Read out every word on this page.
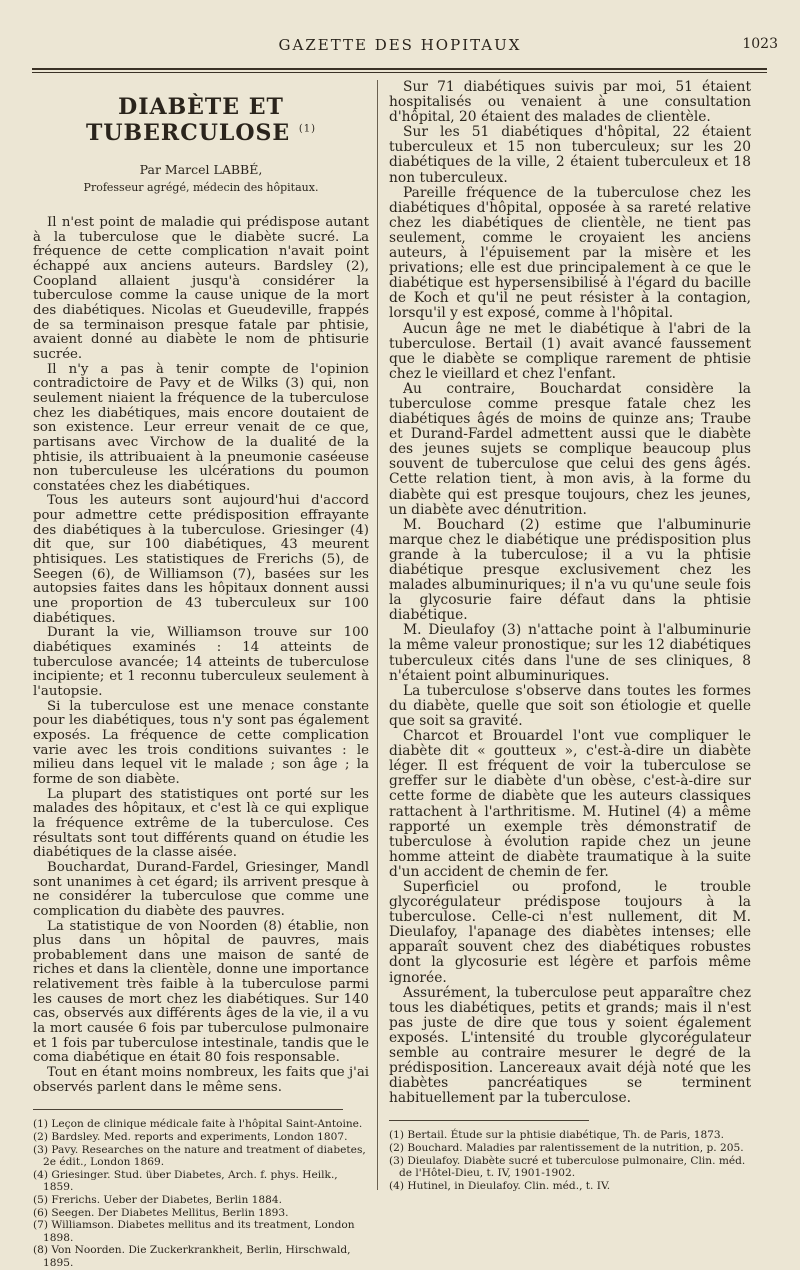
GAZETTE DES HOPITAUX	1023
DIABÈTE ET TUBERCULOSE $^{(1)}$
Par Marcel LABBÉ,
Professeur agrégé, médecin des hôpitaux.

Il n'est point de maladie qui prédispose autant à la tuberculose que le diabète sucré. La fréquence de cette complication n'avait point échappé aux anciens auteurs. Bardsley (2), Coopland allaient jusqu'à considérer la tuberculose comme la cause unique de la mort des diabétiques. Nicolas et Gueudeville, frappés de sa terminaison presque fatale par phtisie, avaient donné au diabète le nom de phtisurie sucrée.

Il n'y a pas à tenir compte de l'opinion contradictoire de Pavy et de Wilks (3) qui, non seulement niaient la fréquence de la tuberculose chez les diabétiques, mais encore doutaient de son existence. Leur erreur venait de ce que, partisans avec Virchow de la dualité de la phtisie, ils attribuaient à la pneumonie caséeuse non tuberculeuse les ulcérations du poumon constatées chez les diabétiques.

Tous les auteurs sont aujourd'hui d'accord pour admettre cette prédisposition effrayante des diabétiques à la tuberculose. Griesinger (4) dit que, sur 100 diabétiques, 43 meurent phtisiques. Les statistiques de Frerichs (5), de Seegen (6), de Williamson (7), basées sur les autopsies faites dans les hôpitaux donnent aussi une proportion de 43 tuberculeux sur 100 diabétiques.

Durant la vie, Williamson trouve sur 100 diabétiques examinés : 14 atteints de tuberculose avancée; 14 atteints de tuberculose incipiente; et 1 reconnu tuberculeux seulement à l'autopsie.

Si la tuberculose est une menace constante pour les diabétiques, tous n'y sont pas également exposés. La fréquence de cette complication varie avec les trois conditions suivantes : le milieu dans lequel vit le malade ; son âge ; la forme de son diabète.

La plupart des statistiques ont porté sur les malades des hôpitaux, et c'est là ce qui explique la fréquence extrême de la tuberculose. Ces résultats sont tout différents quand on étudie les diabétiques de la classe aisée.

Bouchardat, Durand-Fardel, Griesinger, Mandl sont unanimes à cet égard; ils arrivent presque à ne considérer la tuberculose que comme une complication du diabète des pauvres.

La statistique de von Noorden (8) établie, non plus dans un hôpital de pauvres, mais probablement dans une maison de santé de riches et dans la clientèle, donne une importance relativement très faible à la tuberculose parmi les causes de mort chez les diabétiques. Sur 140 cas, observés aux différents âges de la vie, il a vu la mort causée 6 fois par tuberculose pulmonaire et 1 fois par tuberculose intestinale, tandis que le coma diabétique en était 80 fois responsable.

Tout en étant moins nombreux, les faits que j'ai observés parlent dans le même sens.

(1) Leçon de clinique médicale faite à l'hôpital Saint-Antoine.
(2) Bardsley. Med. reports and experiments, London 1807.
(3) Pavy. Researches on the nature and treatment of diabetes, 2e édit., London 1869.
(4) Griesinger. Stud. über Diabetes, Arch. f. phys. Heilk., 1859.
(5) Frerichs. Ueber der Diabetes, Berlin 1884.
(6) Seegen. Der Diabetes Mellitus, Berlin 1893.
(7) Williamson. Diabetes mellitus and its treatment, London 1898.
(8) Von Noorden. Die Zuckerkrankheit, Berlin, Hirschwald, 1895.

Sur 71 diabétiques suivis par moi, 51 étaient hospitalisés ou venaient à une consultation d'hôpital, 20 étaient des malades de clientèle.

Sur les 51 diabétiques d'hôpital, 22 étaient tuberculeux et 15 non tuberculeux; sur les 20 diabétiques de la ville, 2 étaient tuberculeux et 18 non tuberculeux.

Pareille fréquence de la tuberculose chez les diabétiques d'hôpital, opposée à sa rareté relative chez les diabétiques de clientèle, ne tient pas seulement, comme le croyaient les anciens auteurs, à l'épuisement par la misère et les privations; elle est due principalement à ce que le diabétique est hypersensibilisé à l'égard du bacille de Koch et qu'il ne peut résister à la contagion, lorsqu'il y est exposé, comme à l'hôpital.

Aucun âge ne met le diabétique à l'abri de la tuberculose. Bertail (1) avait avancé faussement que le diabète se complique rarement de phtisie chez le vieillard et chez l'enfant.

Au contraire, Bouchardat considère la tuberculose comme presque fatale chez les diabétiques âgés de moins de quinze ans; Traube et Durand-Fardel admettent aussi que le diabète des jeunes sujets se complique beaucoup plus souvent de tuberculose que celui des gens âgés. Cette relation tient, à mon avis, à la forme du diabète qui est presque toujours, chez les jeunes, un diabète avec dénutrition.

M. Bouchard (2) estime que l'albuminurie marque chez le diabétique une prédisposition plus grande à la tuberculose; il a vu la phtisie diabétique presque exclusivement chez les malades albuminuriques; il n'a vu qu'une seule fois la glycosurie faire défaut dans la phtisie diabétique.

M. Dieulafoy (3) n'attache point à l'albuminurie la même valeur pronostique; sur les 12 diabétiques tuberculeux cités dans l'une de ses cliniques, 8 n'étaient point albuminuriques.

La tuberculose s'observe dans toutes les formes du diabète, quelle que soit son étiologie et quelle que soit sa gravité.

Charcot et Brouardel l'ont vue compliquer le diabète dit « goutteux », c'est-à-dire un diabète léger. Il est fréquent de voir la tuberculose se greffer sur le diabète d'un obèse, c'est-à-dire sur cette forme de diabète que les auteurs classiques rattachent à l'arthritisme. M. Hutinel (4) a même rapporté un exemple très démonstratif de tuberculose à évolution rapide chez un jeune homme atteint de diabète traumatique à la suite d'un accident de chemin de fer.

Superficiel ou profond, le trouble glycorégulateur prédispose toujours à la tuberculose. Celle-ci n'est nullement, dit M. Dieulafoy, l'apanage des diabètes intenses; elle apparaît souvent chez des diabétiques robustes dont la glycosurie est légère et parfois même ignorée.

Assurément, la tuberculose peut apparaître chez tous les diabétiques, petits et grands; mais il n'est pas juste de dire que tous y soient également exposés. L'intensité du trouble glycorégulateur semble au contraire mesurer le degré de la prédisposition. Lancereaux avait déjà noté que les diabètes pancréatiques se terminent habituellement par la tuberculose.

(1) Bertail. Étude sur la phtisie diabétique, Th. de Paris, 1873.
(2) Bouchard. Maladies par ralentissement de la nutrition, p. 205.
(3) Dieulafoy. Diabète sucré et tuberculose pulmonaire, Clin. méd. de l'Hôtel-Dieu, t. IV, 1901-1902.
(4) Hutinel, in Dieulafoy. Clin. méd., t. IV.
